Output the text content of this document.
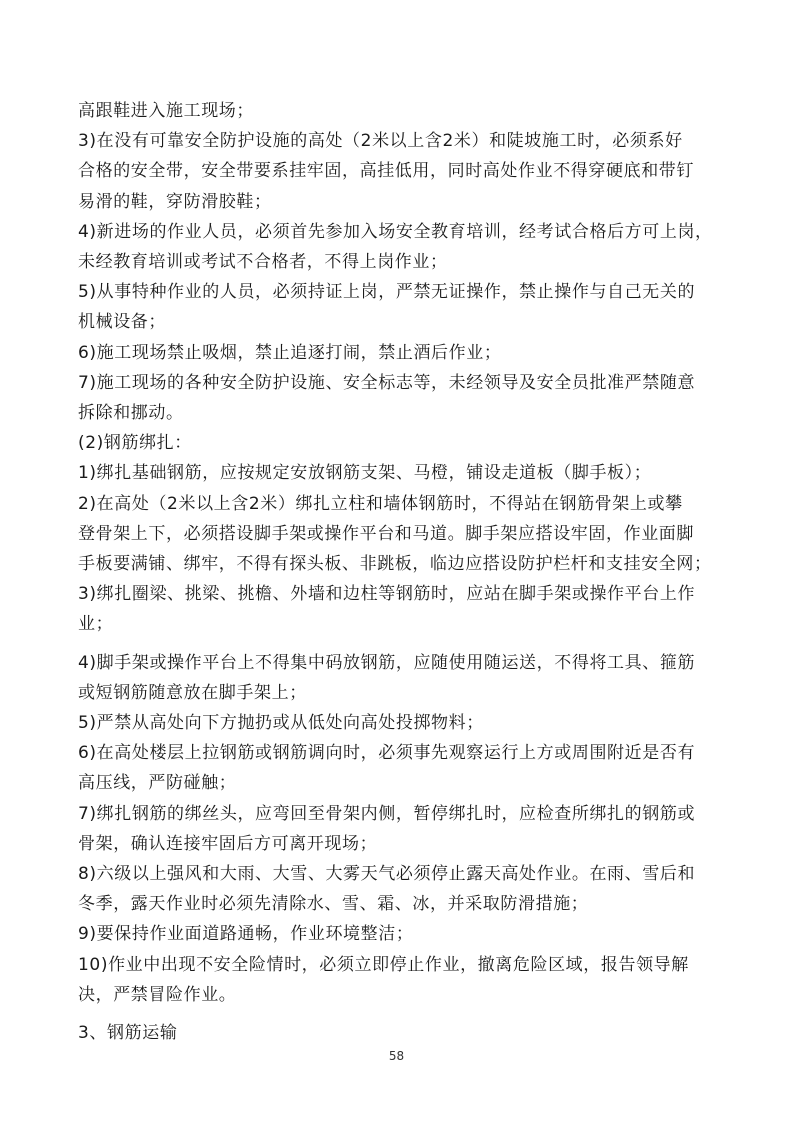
高跟鞋进入施工现场；
3)在没有可靠安全防护设施的高处（2米以上含2米）和陡坡施工时，必须系好
合格的安全带，安全带要系挂牢固，高挂低用，同时高处作业不得穿硬底和带钉
易滑的鞋，穿防滑胶鞋；
4)新进场的作业人员，必须首先参加入场安全教育培训，经考试合格后方可上岗，
未经教育培训或考试不合格者，不得上岗作业；
5)从事特种作业的人员，必须持证上岗，严禁无证操作，禁止操作与自己无关的
机械设备；
6)施工现场禁止吸烟，禁止追逐打闹，禁止酒后作业；
7)施工现场的各种安全防护设施、安全标志等，未经领导及安全员批准严禁随意
拆除和挪动。
(2)钢筋绑扎：
1)绑扎基础钢筋，应按规定安放钢筋支架、马橙，铺设走道板（脚手板）；
2)在高处（2米以上含2米）绑扎立柱和墙体钢筋时，不得站在钢筋骨架上或攀
登骨架上下，必须搭设脚手架或操作平台和马道。脚手架应搭设牢固，作业面脚
手板要满铺、绑牢，不得有探头板、非跳板，临边应搭设防护栏杆和支挂安全网；
3)绑扎圈梁、挑梁、挑檐、外墙和边柱等钢筋时，应站在脚手架或操作平台上作
业；
4)脚手架或操作平台上不得集中码放钢筋，应随使用随运送，不得将工具、箍筋
或短钢筋随意放在脚手架上；
5)严禁从高处向下方抛扔或从低处向高处投掷物料；
6)在高处楼层上拉钢筋或钢筋调向时，必须事先观察运行上方或周围附近是否有
高压线，严防碰触；
7)绑扎钢筋的绑丝头，应弯回至骨架内侧，暂停绑扎时，应检查所绑扎的钢筋或
骨架，确认连接牢固后方可离开现场；
8)六级以上强风和大雨、大雪、大雾天气必须停止露天高处作业。在雨、雪后和
冬季，露天作业时必须先清除水、雪、霜、冰，并采取防滑措施；
9)要保持作业面道路通畅，作业环境整洁；
10)作业中出现不安全险情时，必须立即停止作业，撤离危险区域，报告领导解
决，严禁冒险作业。
3、钢筋运输
58
